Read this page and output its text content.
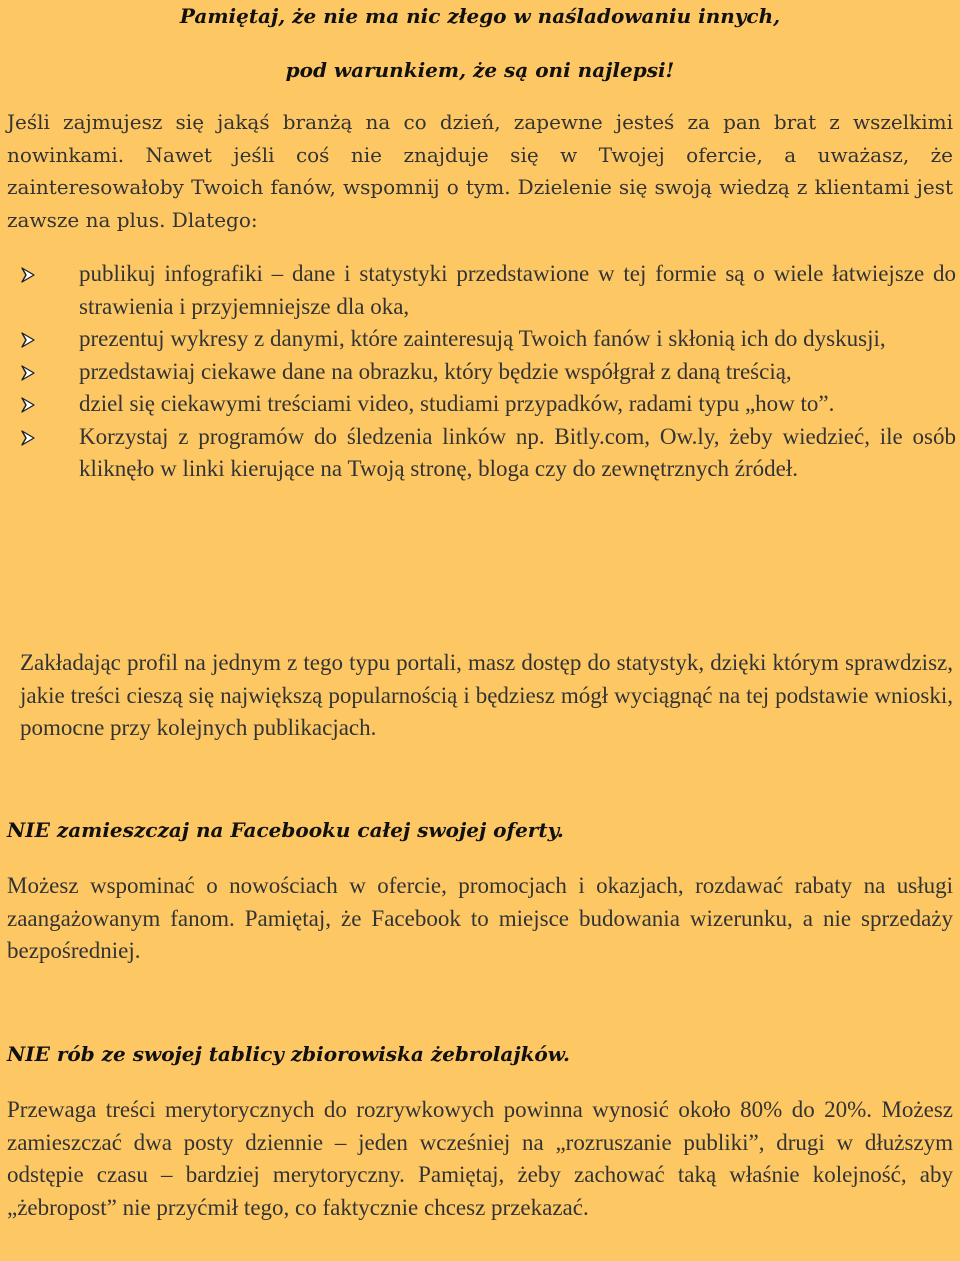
Pamiętaj, że nie ma nic złego w naśladowaniu innych,
pod warunkiem, że są oni najlepsi!
Jeśli zajmujesz się jakąś branżą na co dzień, zapewne jesteś za pan brat z wszelkimi nowinkami. Nawet jeśli coś nie znajduje się w Twojej ofercie, a uważasz, że zainteresowałoby Twoich fanów, wspomnij o tym. Dzielenie się swoją wiedzą z klientami jest zawsze na plus. Dlatego:
publikuj infografiki – dane i statystyki przedstawione w tej formie są o wiele łatwiejsze do strawienia i przyjemniejsze dla oka,
prezentuj wykresy z danymi, które zainteresują Twoich fanów i skłonią ich do dyskusji,
przedstawiaj ciekawe dane na obrazku, który będzie współgrał z daną treścią,
dziel się ciekawymi treściami video, studiami przypadków, radami typu „how to”.
Korzystaj z programów do śledzenia linków np. Bitly.com, Ow.ly, żeby wiedzieć, ile osób kliknęło w linki kierujące na Twoją stronę, bloga czy do zewnętrznych źródeł.
Zakładając profil na jednym z tego typu portali, masz dostęp do statystyk, dzięki którym sprawdzisz, jakie treści cieszą się największą popularnością i będziesz mógł wyciągnąć na tej podstawie wnioski, pomocne przy kolejnych publikacjach.
NIE zamieszczaj na Facebooku całej swojej oferty.
Możesz wspominać o nowościach w ofercie, promocjach i okazjach, rozdawać rabaty na usługi zaangażowanym fanom. Pamiętaj, że Facebook to miejsce budowania wizerunku, a nie sprzedaży bezpośredniej.
NIE rób ze swojej tablicy zbiorowiska żebrolajków.
Przewaga treści merytorycznych do rozrywkowych powinna wynosić około 80% do 20%. Możesz zamieszczać dwa posty dziennie – jeden wcześniej na „rozruszanie publiki”, drugi w dłuższym odstępie czasu – bardziej merytoryczny. Pamiętaj, żeby zachować taką właśnie kolejność, aby „żebropost” nie przyćmił tego, co faktycznie chcesz przekazać.
